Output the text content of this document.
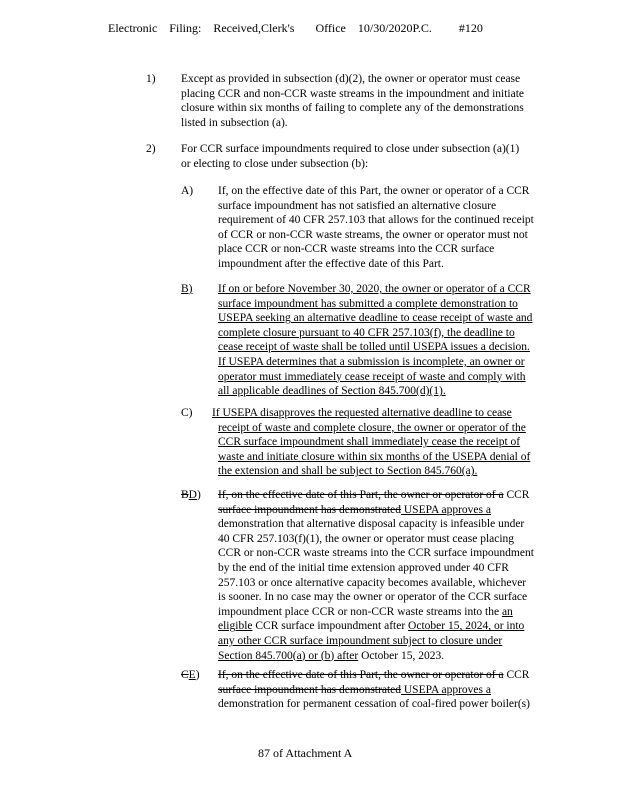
Electronic    Filing:    Received,Clerk's       Office    10/30/2020P.C.         #120
1) Except as provided in subsection (d)(2), the owner or operator must cease
placing CCR and non-CCR waste streams in the impoundment and initiate
closure within six months of failing to complete any of the demonstrations
listed in subsection (a).
2) For CCR surface impoundments required to close under subsection (a)(1)
or electing to close under subsection (b):
A) If, on the effective date of this Part, the owner or operator of a CCR
surface impoundment has not satisfied an alternative closure
requirement of 40 CFR 257.103 that allows for the continued receipt
of CCR or non-CCR waste streams, the owner or operator must not
place CCR or non-CCR waste streams into the CCR surface
impoundment after the effective date of this Part.
B) If on or before November 30, 2020, the owner or operator of a CCR
surface impoundment has submitted a complete demonstration to
USEPA seeking an alternative deadline to cease receipt of waste and
complete closure pursuant to 40 CFR 257.103(f), the deadline to
cease receipt of waste shall be tolled until USEPA issues a decision.
If USEPA determines that a submission is incomplete, an owner or
operator must immediately cease receipt of waste and comply with
all applicable deadlines of Section 845.700(d)(1).
C) If USEPA disapproves the requested alternative deadline to cease
receipt of waste and complete closure, the owner or operator of the
CCR surface impoundment shall immediately cease the receipt of
waste and initiate closure within six months of the USEPA denial of
the extension and shall be subject to Section 845.760(a).
BD) If, on the effective date of this Part, the owner or operator of a CCR
surface impoundment has demonstrated USEPA approves a
demonstration that alternative disposal capacity is infeasible under
40 CFR 257.103(f)(1), the owner or operator must cease placing
CCR or non-CCR waste streams into the CCR surface impoundment
by the end of the initial time extension approved under 40 CFR
257.103 or once alternative capacity becomes available, whichever
is sooner. In no case may the owner or operator of the CCR surface
impoundment place CCR or non-CCR waste streams into the an
eligible CCR surface impoundment after October 15, 2024, or into
any other CCR surface impoundment subject to closure under
Section 845.700(a) or (b) after October 15, 2023.
CE) If, on the effective date of this Part, the owner or operator of a CCR
surface impoundment has demonstrated USEPA approves a
demonstration for permanent cessation of coal-fired power boiler(s)
87 of Attachment A
